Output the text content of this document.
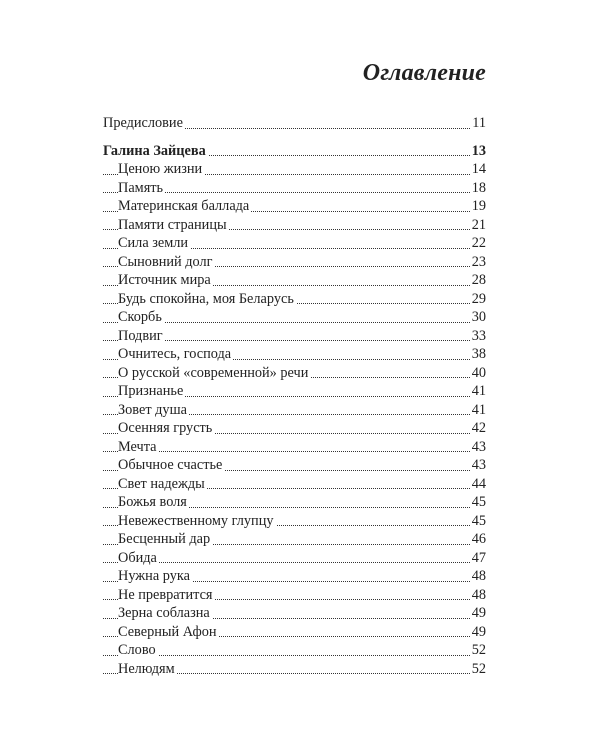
Оглавление
Предисловие	11
Галина Зайцева	13
Ценою жизни	14
Память	18
Материнская баллада	19
Памяти страницы	21
Сила земли	22
Сыновний долг	23
Источник мира	28
Будь спокойна, моя Беларусь	29
Скорбь	30
Подвиг	33
Очнитесь, господа	38
О русской «современной» речи	40
Признанье	41
Зовет душа	41
Осенняя грусть	42
Мечта	43
Обычное счастье	43
Свет надежды	44
Божья воля	45
Невежественному глупцу	45
Бесценный дар	46
Обида	47
Нужна рука	48
Не превратится	48
Зерна соблазна	49
Северный Афон	49
Слово	52
Нелюдям	52
